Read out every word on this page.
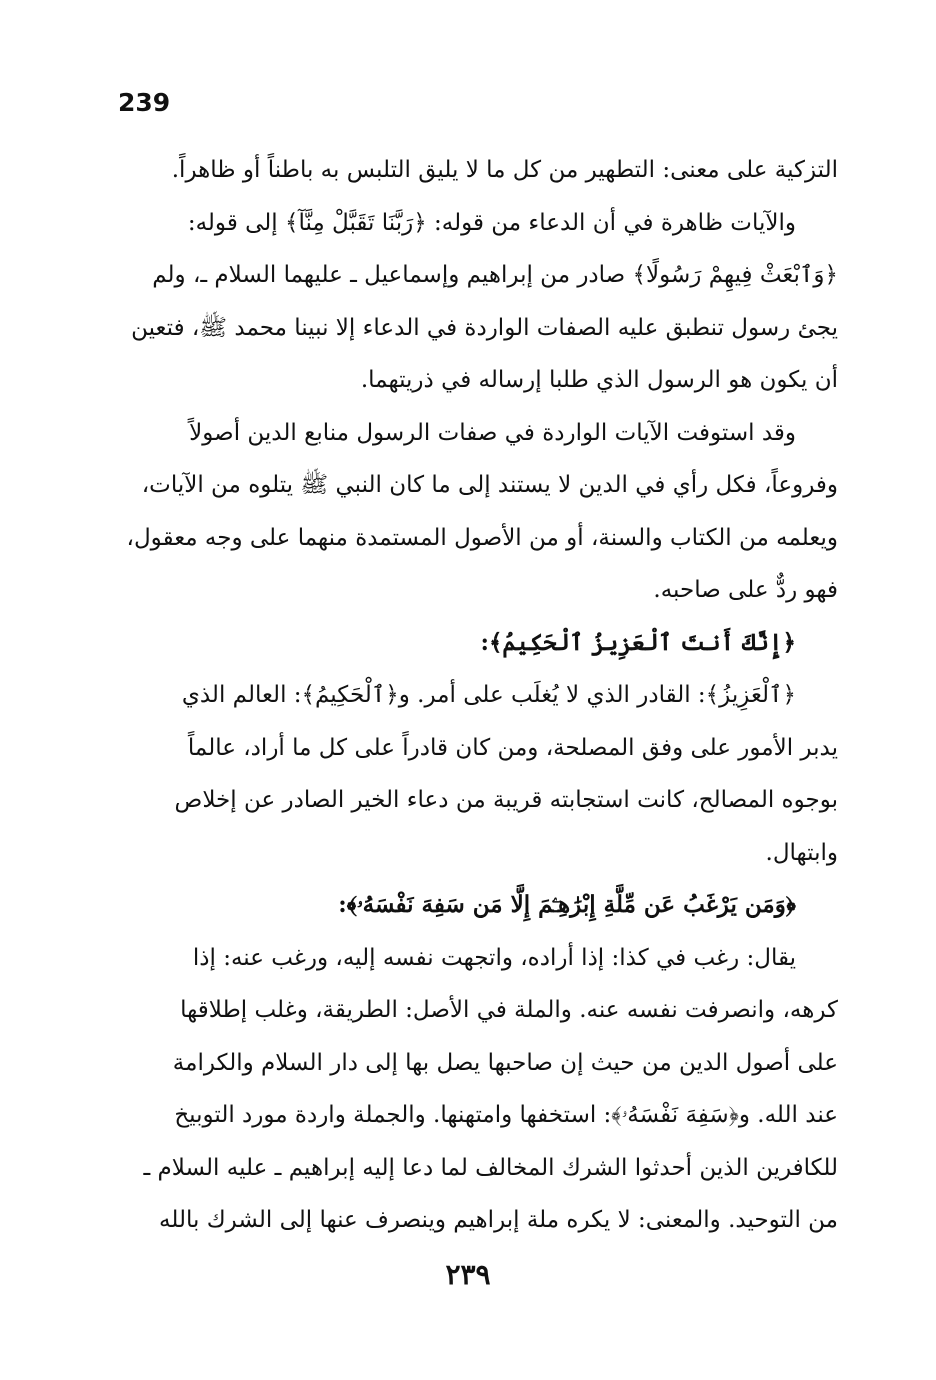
239
التزكية على معنى: التطهير من كل ما لا يليق التلبس به باطناً أو ظاهراً.
والآيات ظاهرة في أن الدعاء من قوله: ﴿رَبَّنَا تَقَبَّلْ مِنَّآ﴾ إلى قوله:
﴿وَٱبْعَثْ فِيهِمْ رَسُولًا﴾ صادر من إبراهيم وإسماعيل ـ عليهما السلام ـ، ولم
يجئ رسول تنطبق عليه الصفات الواردة في الدعاء إلا نبينا محمد ﷺ، فتعين
أن يكون هو الرسول الذي طلبا إرساله في ذريتهما.
وقد استوفت الآيات الواردة في صفات الرسول منابع الدين أصولاً
وفروعاً، فكل رأي في الدين لا يستند إلى ما كان النبي ﷺ يتلوه من الآيات،
ويعلمه من الكتاب والسنة، أو من الأصول المستمدة منهما على وجه معقول،
فهو ردٌّ على صاحبه.
﴿إِنَّكَ أَنتَ ٱلْعَزِيزُ ٱلْحَكِيمُ﴾:
﴿ٱلْعَزِيزُ﴾: القادر الذي لا يُغلَب على أمر. و﴿ٱلْحَكِيمُ﴾: العالم الذي
يدبر الأمور على وفق المصلحة، ومن كان قادراً على كل ما أراد، عالماً
بوجوه المصالح، كانت استجابته قريبة من دعاء الخير الصادر عن إخلاص
وابتهال.
﴿وَمَن يَرْغَبُ عَن مِّلَّةِ إِبْرَٰهِـۧمَ إِلَّا مَن سَفِهَ نَفْسَهُۥ﴾:
يقال: رغب في كذا: إذا أراده، واتجهت نفسه إليه، ورغب عنه: إذا
كرهه، وانصرفت نفسه عنه. والملة في الأصل: الطريقة، وغلب إطلاقها
على أصول الدين من حيث إن صاحبها يصل بها إلى دار السلام والكرامة
عند الله. و﴿سَفِهَ نَفْسَهُۥ﴾: استخفها وامتهنها. والجملة واردة مورد التوبيخ
للكافرين الذين أحدثوا الشرك المخالف لما دعا إليه إبراهيم ـ عليه السلام ـ
من التوحيد. والمعنى: لا يكره ملة إبراهيم وينصرف عنها إلى الشرك بالله
٢٣٩
